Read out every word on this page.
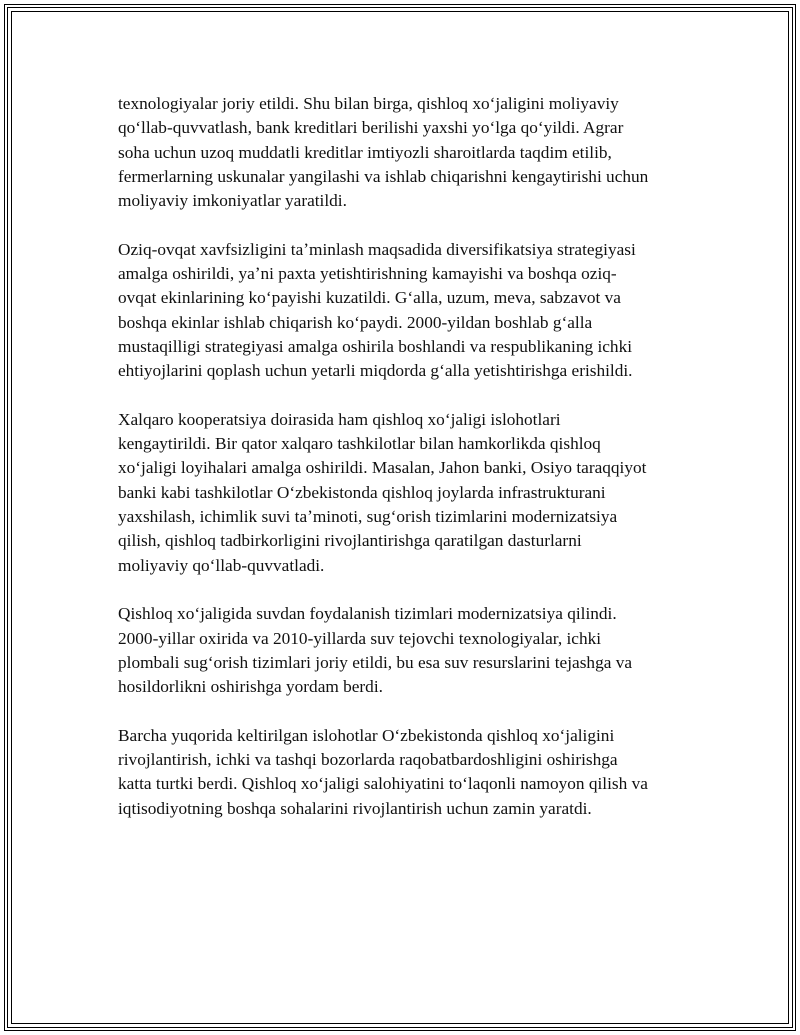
texnologiyalar joriy etildi. Shu bilan birga, qishloq xoʻjaligini moliyaviy
qoʻllab-quvvatlash, bank kreditlari berilishi yaxshi yoʻlga qoʻyildi. Agrar
soha uchun uzoq muddatli kreditlar imtiyozli sharoitlarda taqdim etilib,
fermerlarning uskunalar yangilashi va ishlab chiqarishni kengaytirishi uchun
moliyaviy imkoniyatlar yaratildi.

Oziq-ovqat xavfsizligini taʼminlash maqsadida diversifikatsiya strategiyasi
amalga oshirildi, yaʼni paxta yetishtirishning kamayishi va boshqa oziq-
ovqat ekinlarining koʻpayishi kuzatildi. Gʻalla, uzum, meva, sabzavot va
boshqa ekinlar ishlab chiqarish koʻpaydi. 2000-yildan boshlab gʻalla
mustaqilligi strategiyasi amalga oshirila boshlandi va respublikaning ichki
ehtiyojlarini qoplash uchun yetarli miqdorda gʻalla yetishtirishga erishildi.

Xalqaro kooperatsiya doirasida ham qishloq xoʻjaligi islohotlari
kengaytirildi. Bir qator xalqaro tashkilotlar bilan hamkorlikda qishloq
xoʻjaligi loyihalari amalga oshirildi. Masalan, Jahon banki, Osiyo taraqqiyot
banki kabi tashkilotlar Oʻzbekistonda qishloq joylarda infrastrukturani
yaxshilash, ichimlik suvi taʼminoti, sugʻorish tizimlarini modernizatsiya
qilish, qishloq tadbirkorligini rivojlantirishga qaratilgan dasturlarni
moliyaviy qoʻllab-quvvatladi.

Qishloq xoʻjaligida suvdan foydalanish tizimlari modernizatsiya qilindi.
2000-yillar oxirida va 2010-yillarda suv tejovchi texnologiyalar, ichki
plombali sugʻorish tizimlari joriy etildi, bu esa suv resurslarini tejashga va
hosildorlikni oshirishga yordam berdi.

Barcha yuqorida keltirilgan islohotlar Oʻzbekistonda qishloq xoʻjaligini
rivojlantirish, ichki va tashqi bozorlarda raqobatbardoshligini oshirishga
katta turtki berdi. Qishloq xoʻjaligi salohiyatini toʻlaqonli namoyon qilish va
iqtisodiyotning boshqa sohalarini rivojlantirish uchun zamin yaratdi.
